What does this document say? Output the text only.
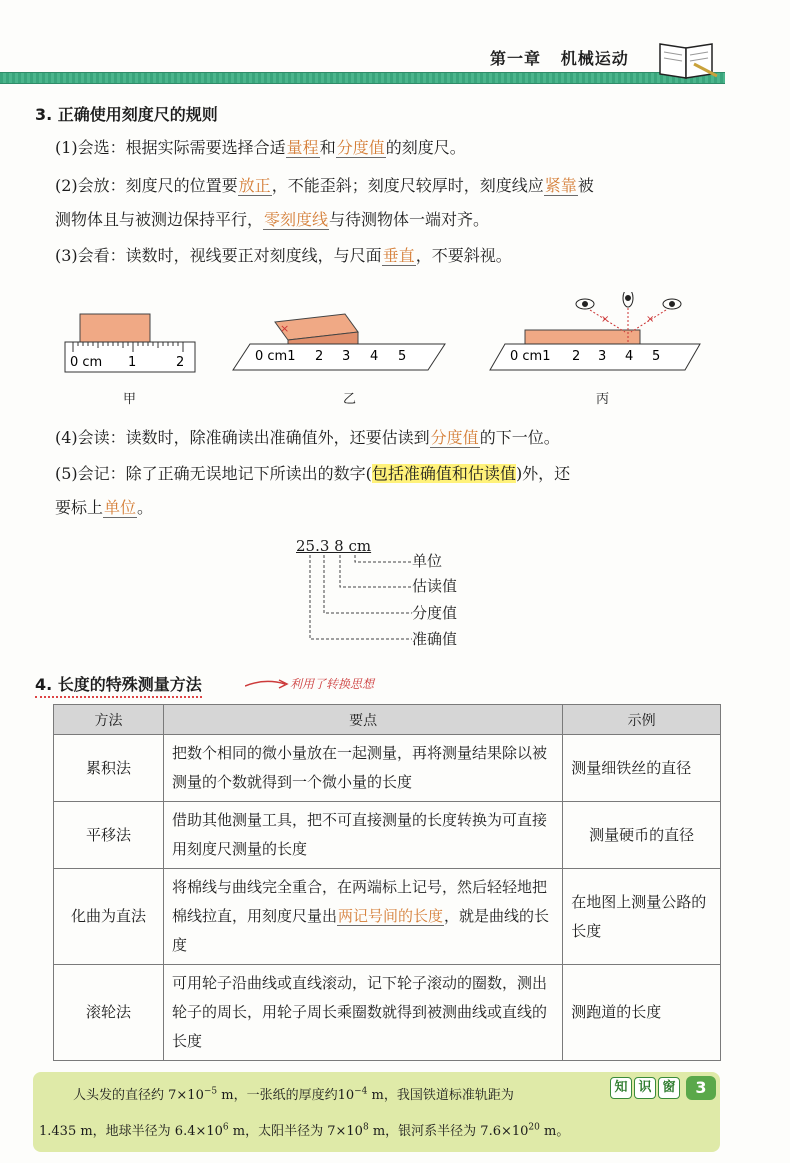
第一章 机械运动
3. 正确使用刻度尺的规则
(1)会选：根据实际需要选择合适量程和分度值的刻度尺。
(2)会放：刻度尺的位置要放正，不能歪斜；刻度尺较厚时，刻度线应紧靠被
测物体且与被测边保持平行，零刻度线与待测物体一端对齐。
(3)会看：读数时，视线要正对刻度线，与尺面垂直，不要斜视。
0 cm 1	2	0 cm1 2 3 4 5
×
0 cm1 2 3 4 5
×	×
甲	乙	丙
(4)会读：读数时，除准确读出准确值外，还要估读到分度值的下一位。
(5)会记：除了正确无误地记下所读出的数字(包括准确值和估读值)外，还
要标上单位。
25.3 8 cm
单位
估读值
分度值
准确值
4. 长度的特殊测量方法	利用了转换思想
方法	要点	示例
累积法	把数个相同的微小量放在一起测量，再将测量结果除以被测量的个数就得到一个微小量的长度	测量细铁丝的直径
平移法	借助其他测量工具，把不可直接测量的长度转换为可直接用刻度尺测量的长度	测量硬币的直径
化曲为直法	将棉线与曲线完全重合，在两端标上记号，然后轻轻地把棉线拉直，用刻度尺量出两记号间的长度，就是曲线的长度	在地图上测量公路的长度
滚轮法	可用轮子沿曲线或直线滚动，记下轮子滚动的圈数，测出轮子的周长，用轮子周长乘圈数就得到被测曲线或直线的长度	测跑道的长度
人头发的直径约 $7\times 10^{-5}$ m，一张纸的厚度约$10^{-4}$ m，我国铁道标准轨距为
1.435 m，地球半径为 $6.4\times 10^6$ m，太阳半径为 $7\times 10^8$ m，银河系半径为 $7.6\times 10^{20}$ m。
知 识 窗	3
